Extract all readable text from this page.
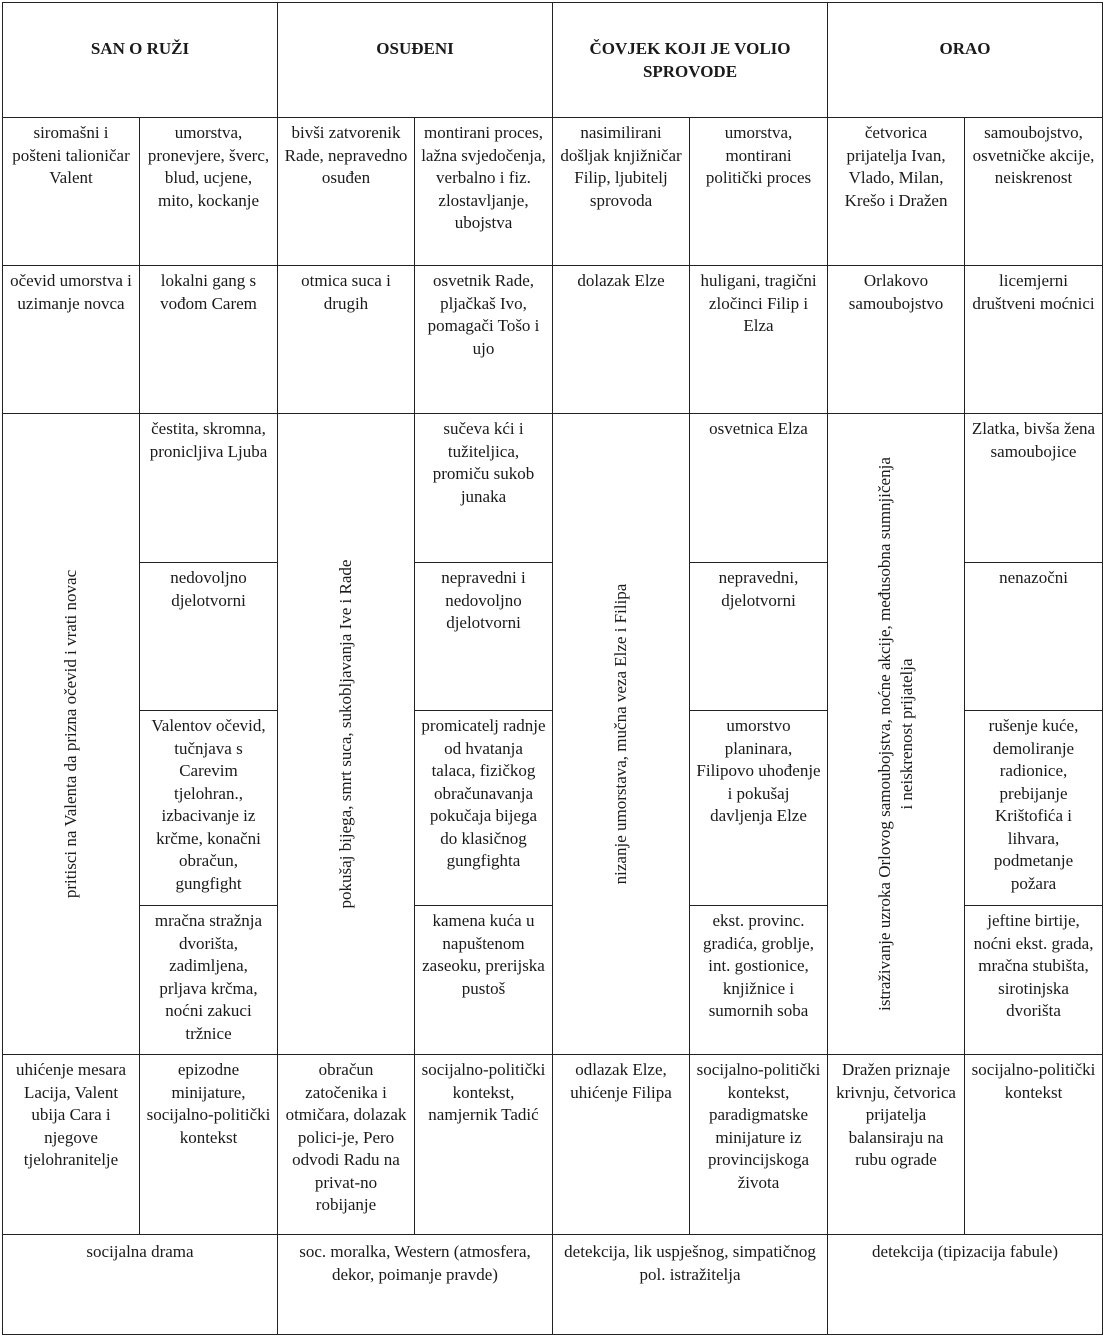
SAN O RUŽI		OSUĐENI		ČOVJEK KOJI JE VOLIO SPROVODE		ORAO	
siromašni i pošteni talioničar Valent	umorstva, pronevjere, šverc, blud, ucjene, mito, kockanje	bivši zatvorenik Rade, nepravedno osuđen	montirani proces, lažna svjedočenja, verbalno i fiz. zlostavljanje, ubojstva	nasimilirani došljak knjižničar Filip, ljubitelj sprovoda	umorstva, montirani politički proces	četvorica prijatelja Ivan, Vlado, Milan, Krešo i Dražen	samoubojstvo, osvetničke akcije, neiskrenost
očevid umorstva i uzimanje novca	lokalni gang s vođom Carem	otmica suca i drugih	osvetnik Rade, pljačkaš Ivo, pomagači Tošo i ujo	dolazak Elze	huligani, tragični zločinci Filip i Elza	Orlakovo samoubojstvo	licemjerni društveni moćnici

pritisci na Valenta da prizna očevid i vrati novac	čestita, skromna, pronicljiva Ljuba	pokušaj bijega, smrt suca, sukobljavanja Ive i Rade	sučeva kći i tužiteljica, promiču sukob junaka	nizanje umorstava, mučna veza Elze i Filipa	osvetnica Elza	istraživanje uzroka Orlovog samoubojstva, noćne akcije, međusobna sumnjičenja i neiskrenost prijatelja	Zlatka, bivša žena samoubojice
	nedovoljno djelotvorni		nepravedni i nedovoljno djelotvorni		nepravedni, djelotvorni		nenazočni
	Valentov očevid, tučnjava s Carevim tjelohran., izbacivanje iz krčme, konačni obračun, gungfight		promicatelj radnje od hvatanja talaca, fizičkog obračunavanja pokučaja bijega do klasičnog gungfighta		umorstvo planinara, Filipovo uhođenje i pokušaj davljenja Elze		rušenje kuće, demoliranje radionice, prebijanje Krištofića i lihvara, podmetanje požara
	mračna stražnja dvorišta, zadimljena, prljava krčma, noćni zakuci tržnice		kamena kuća u napuštenom zaseoku, prerijska pustoš		ekst. provinc. gradića, groblje, int. gostionice, knjižnice i sumornih soba		jeftine birtije, noćni ekst. grada, mračna stubišta, sirotinjska dvorišta
uhićenje mesara Lacija, Valent ubija Cara i njegove tjelohranitelje	epizodne minijature, socijalno-politički kontekst	obračun zatočenika i otmičara, dolazak polici-je, Pero odvodi Radu na privat-no robijanje	socijalno-politički kontekst, namjernik Tadić	odlazak Elze, uhićenje Filipa	socijalno-politički kontekst, paradigmatske minijature iz provincijskoga života	Dražen priznaje krivnju, četvorica prijatelja balansiraju na rubu ograde	socijalno-politički kontekst
socijalna drama		soc. moralka, Western (atmosfera, dekor, poimanje pravde)		detekcija, lik uspješnog, simpatičnog pol. istražitelja		detekcija (tipizacija fabule)	
